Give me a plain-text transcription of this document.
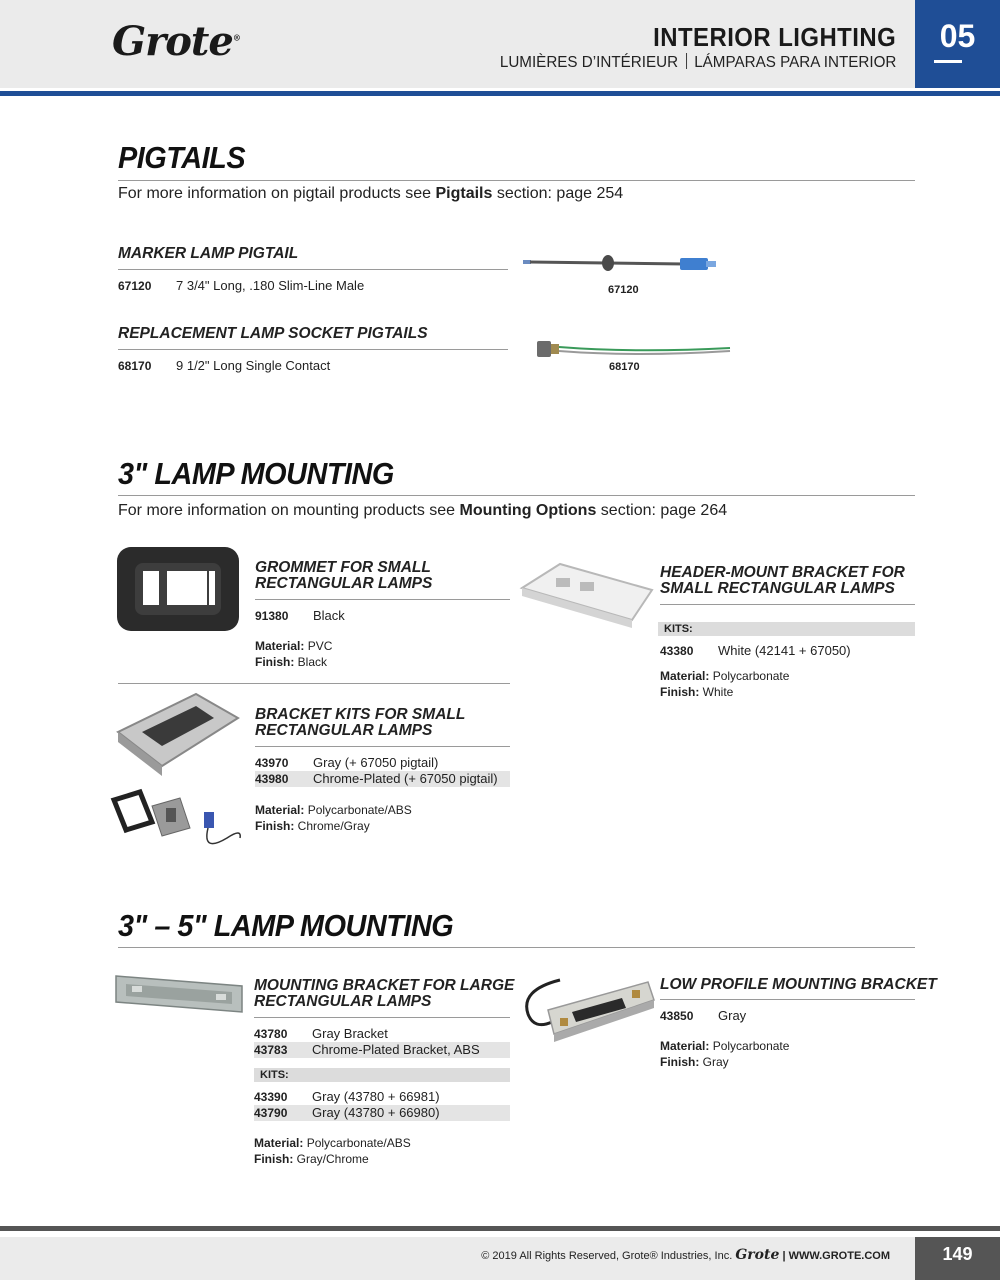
Grote®	INTERIOR LIGHTING
LUMIÈRES D’INTÉRIEUR LÁMPARAS PARA INTERIOR
05
PIGTAILS
For more information on pigtail products see Pigtails section: page 254
MARKER LAMP PIGTAIL
67120 7 3/4" Long, .180 Slim-Line Male	67120
REPLACEMENT LAMP SOCKET PIGTAILS
68170 9 1/2" Long Single Contact	68170
3" LAMP MOUNTING
For more information on mounting products see Mounting Options section: page 264
GROMMET FOR SMALL
RECTANGULAR LAMPS
91380 Black
Material: PVC
Finish: Black
BRACKET KITS FOR SMALL
RECTANGULAR LAMPS
43970 Gray (+ 67050 pigtail)
43980 Chrome-Plated (+ 67050 pigtail)
Material: Polycarbonate/ABS
Finish: Chrome/Gray
HEADER-MOUNT BRACKET FOR
SMALL RECTANGULAR LAMPS
KITS:
43380 White (42141 + 67050)
Material: Polycarbonate
Finish: White
3" – 5" LAMP MOUNTING
MOUNTING BRACKET FOR LARGE
RECTANGULAR LAMPS
43780 Gray Bracket
43783 Chrome-Plated Bracket, ABS
KITS:
43390 Gray (43780 + 66981)
43790 Gray (43780 + 66980)
Material: Polycarbonate/ABS
Finish: Gray/Chrome
LOW PROFILE MOUNTING BRACKET
43850 Gray
Material: Polycarbonate
Finish: Gray
© 2019 All Rights Reserved, Grote® Industries, Inc. Grote | WWW.GROTE.COM	149
